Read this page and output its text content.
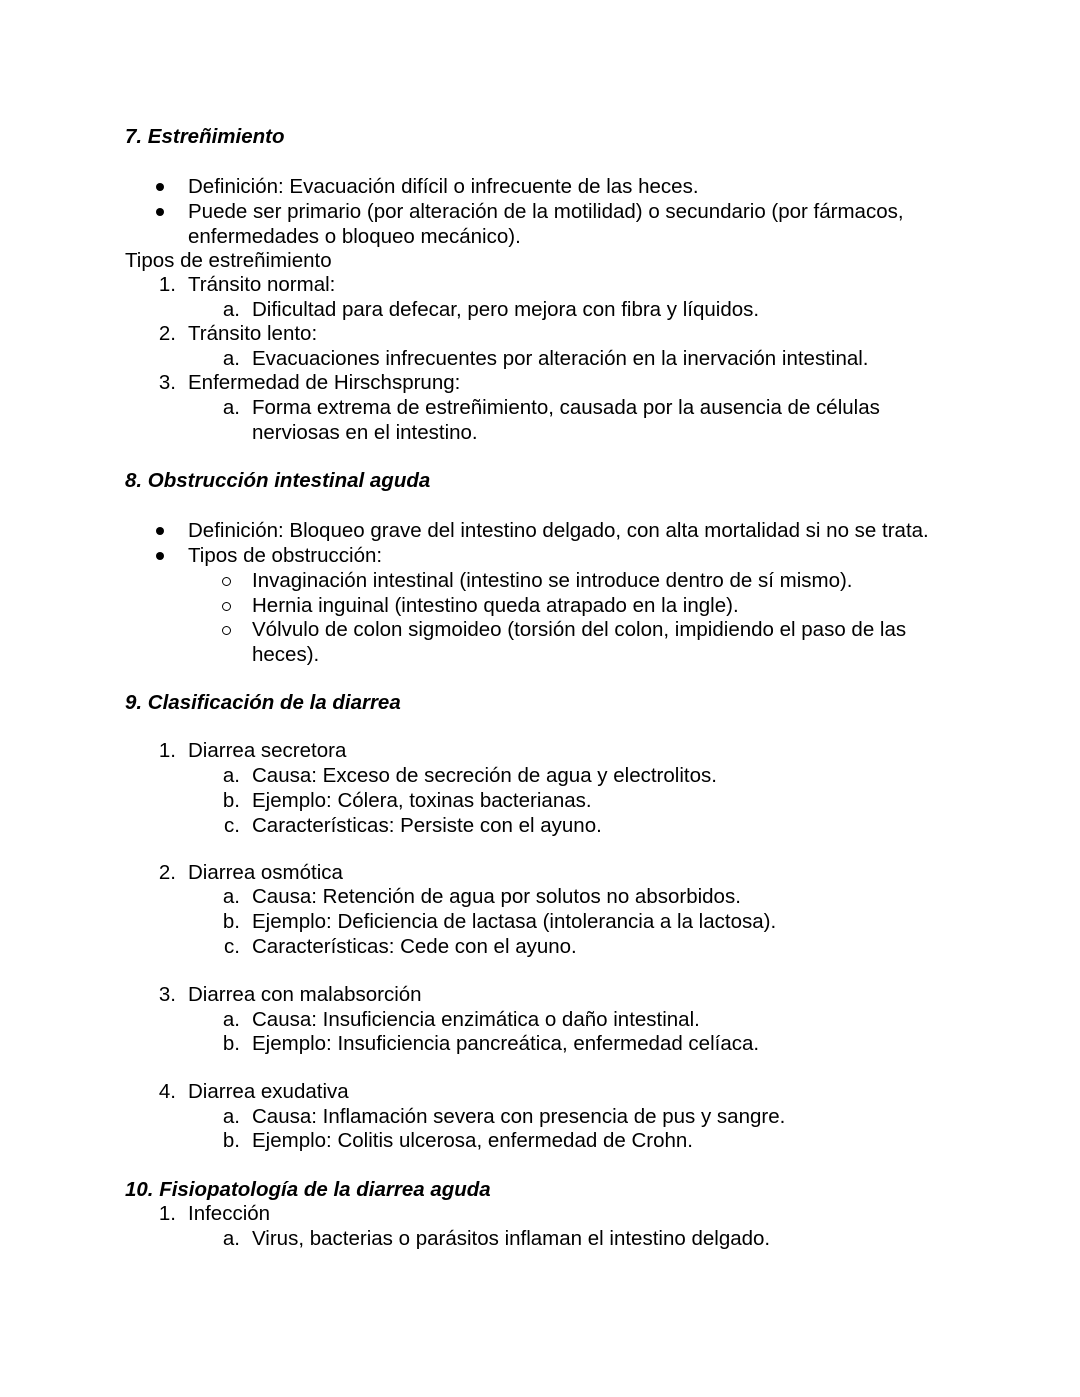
7. Estreñimiento
Definición: Evacuación difícil o infrecuente de las heces.
Puede ser primario (por alteración de la motilidad) o secundario (por fármacos,
enfermedades o bloqueo mecánico).
Tipos de estreñimiento
1. Tránsito normal:
a. Dificultad para defecar, pero mejora con fibra y líquidos.
2. Tránsito lento:
a. Evacuaciones infrecuentes por alteración en la inervación intestinal.
3. Enfermedad de Hirschsprung:
a. Forma extrema de estreñimiento, causada por la ausencia de células
nerviosas en el intestino.
8. Obstrucción intestinal aguda
Definición: Bloqueo grave del intestino delgado, con alta mortalidad si no se trata.
Tipos de obstrucción:
Invaginación intestinal (intestino se introduce dentro de sí mismo).
Hernia inguinal (intestino queda atrapado en la ingle).
Vólvulo de colon sigmoideo (torsión del colon, impidiendo el paso de las
heces).
9. Clasificación de la diarrea
1. Diarrea secretora
a. Causa: Exceso de secreción de agua y electrolitos.
b. Ejemplo: Cólera, toxinas bacterianas.
c. Características: Persiste con el ayuno.
2. Diarrea osmótica
a. Causa: Retención de agua por solutos no absorbidos.
b. Ejemplo: Deficiencia de lactasa (intolerancia a la lactosa).
c. Características: Cede con el ayuno.
3. Diarrea con malabsorción
a. Causa: Insuficiencia enzimática o daño intestinal.
b. Ejemplo: Insuficiencia pancreática, enfermedad celíaca.
4. Diarrea exudativa
a. Causa: Inflamación severa con presencia de pus y sangre.
b. Ejemplo: Colitis ulcerosa, enfermedad de Crohn.
10. Fisiopatología de la diarrea aguda
1. Infección
a. Virus, bacterias o parásitos inflaman el intestino delgado.
